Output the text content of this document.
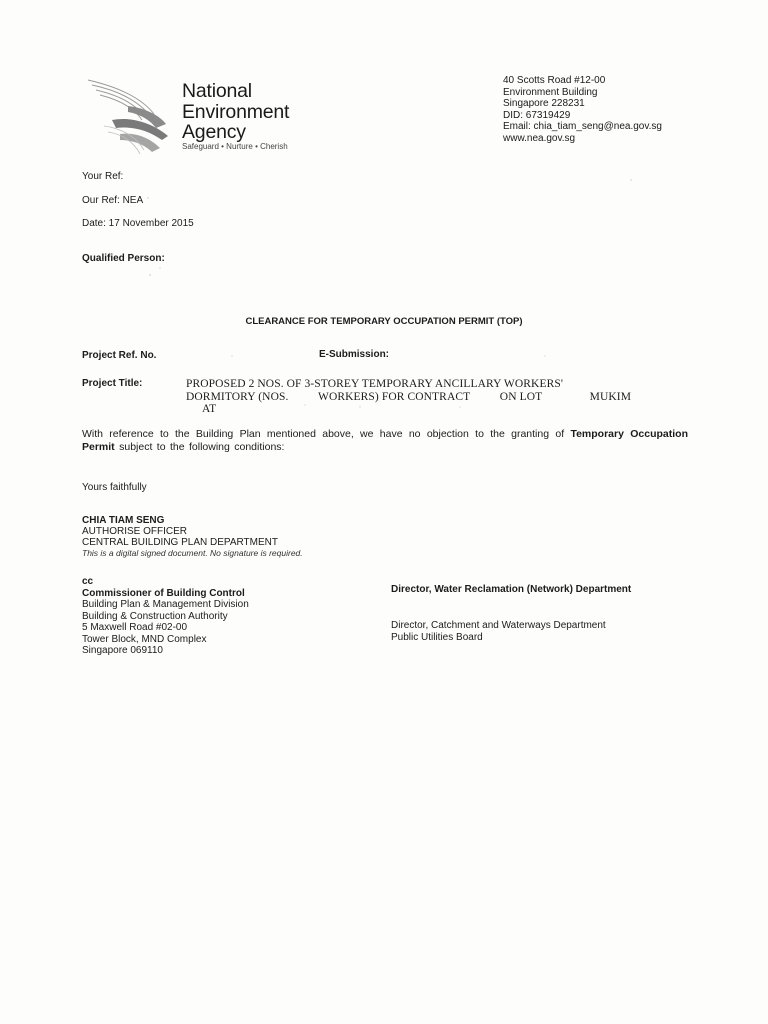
National
Environment
Agency
Safeguard • Nurture • Cherish
40 Scotts Road #12-00
Environment Building
Singapore 228231
DID: 67319429
Email: chia_tiam_seng@nea.gov.sg
www.nea.gov.sg
Your Ref:
Our Ref: NEA
Date: 17 November 2015
Qualified Person:
CLEARANCE FOR TEMPORARY OCCUPATION PERMIT (TOP)
Project Ref. No.	E-Submission:
Project Title:	PROPOSED 2 NOS. OF 3-STOREY TEMPORARY ANCILLARY WORKERS'
DORMITORY (NOS.          WORKERS) FOR CONTRACT          ON LOT                MUKIM
AT
With reference to the Building Plan mentioned above, we have no objection to the granting of Temporary Occupation Permit subject to the following conditions:
Yours faithfully
CHIA TIAM SENG
AUTHORISE OFFICER
CENTRAL BUILDING PLAN DEPARTMENT
This is a digital signed document. No signature is required.
cc
Commissioner of Building Control
Building Plan & Management Division
Building & Construction Authority
5 Maxwell Road #02-00
Tower Block, MND Complex
Singapore 069110
Director, Water Reclamation (Network) Department
Director, Catchment and Waterways Department
Public Utilities Board
